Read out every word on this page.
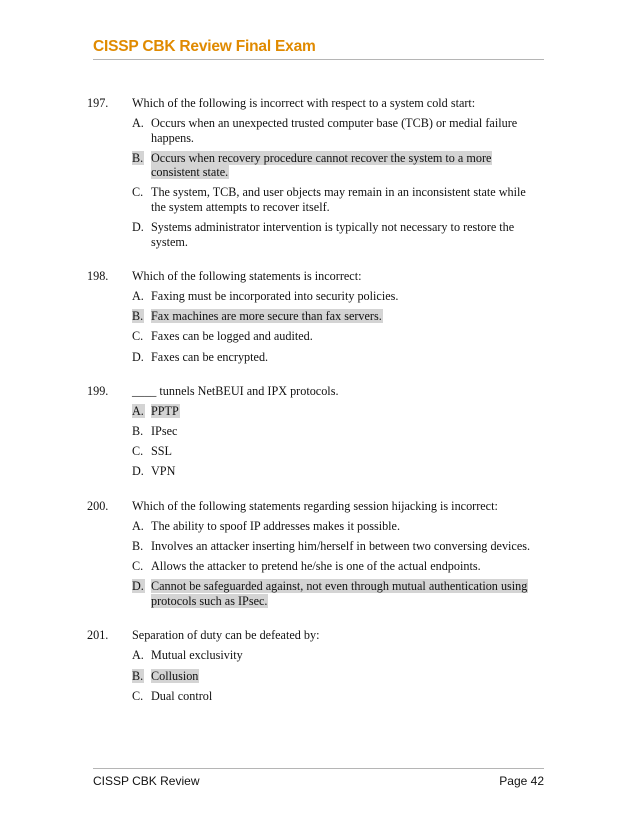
CISSP CBK Review Final Exam
197. Which of the following is incorrect with respect to a system cold start:
A. Occurs when an unexpected trusted computer base (TCB) or medial failure happens.
B. Occurs when recovery procedure cannot recover the system to a more consistent state.
C. The system, TCB, and user objects may remain in an inconsistent state while the system attempts to recover itself.
D. Systems administrator intervention is typically not necessary to restore the system.
198. Which of the following statements is incorrect:
A. Faxing must be incorporated into security policies.
B. Fax machines are more secure than fax servers.
C. Faxes can be logged and audited.
D. Faxes can be encrypted.
199. ____ tunnels NetBEUI and IPX protocols.
A. PPTP
B. IPsec
C. SSL
D. VPN
200. Which of the following statements regarding session hijacking is incorrect:
A. The ability to spoof IP addresses makes it possible.
B. Involves an attacker inserting him/herself in between two conversing devices.
C. Allows the attacker to pretend he/she is one of the actual endpoints.
D. Cannot be safeguarded against, not even through mutual authentication using protocols such as IPsec.
201. Separation of duty can be defeated by:
A. Mutual exclusivity
B. Collusion
C. Dual control
CISSP CBK Review	Page 42
